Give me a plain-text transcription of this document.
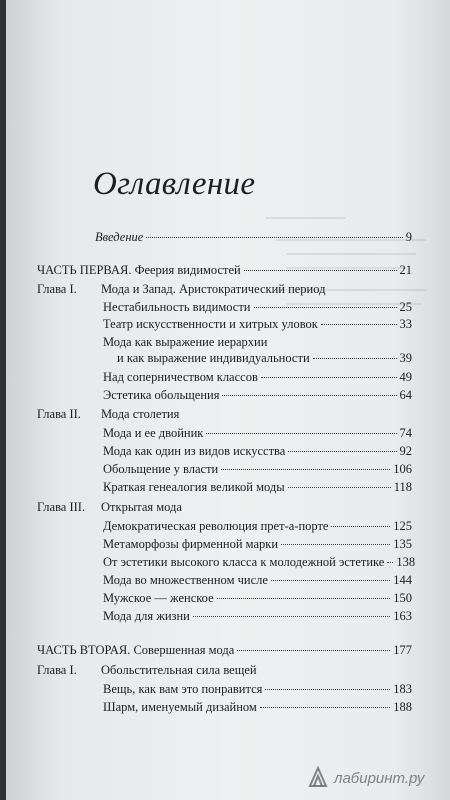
Оглавление
Введение	9
ЧАСТЬ ПЕРВАЯ. Феерия видимостей	21
Глава I. Мода и Запад. Аристократический период
Нестабильность видимости	25
Театр искусственности и хитрых уловок	33
Мода как выражение иерархии
и как выражение индивидуальности	39
Над соперничеством классов	49
Эстетика обольщения	64
Глава II. Мода столетия
Мода и ее двойник	74
Мода как один из видов искусства	92
Обольщение у власти	106
Краткая генеалогия великой моды	118
Глава III. Открытая мода
Демократическая революция прет-а-порте	125
Метаморфозы фирменной марки	135
От эстетики высокого класса к молодежной эстетике 138
Мода во множественном числе	144
Мужское — женское	150
Мода для жизни	163
ЧАСТЬ ВТОРАЯ. Совершенная мода	177
Глава I. Обольстительная сила вещей
Вещь, как вам это понравится	183
Шарм, именуемый дизайном	188
лабиринт.ру
